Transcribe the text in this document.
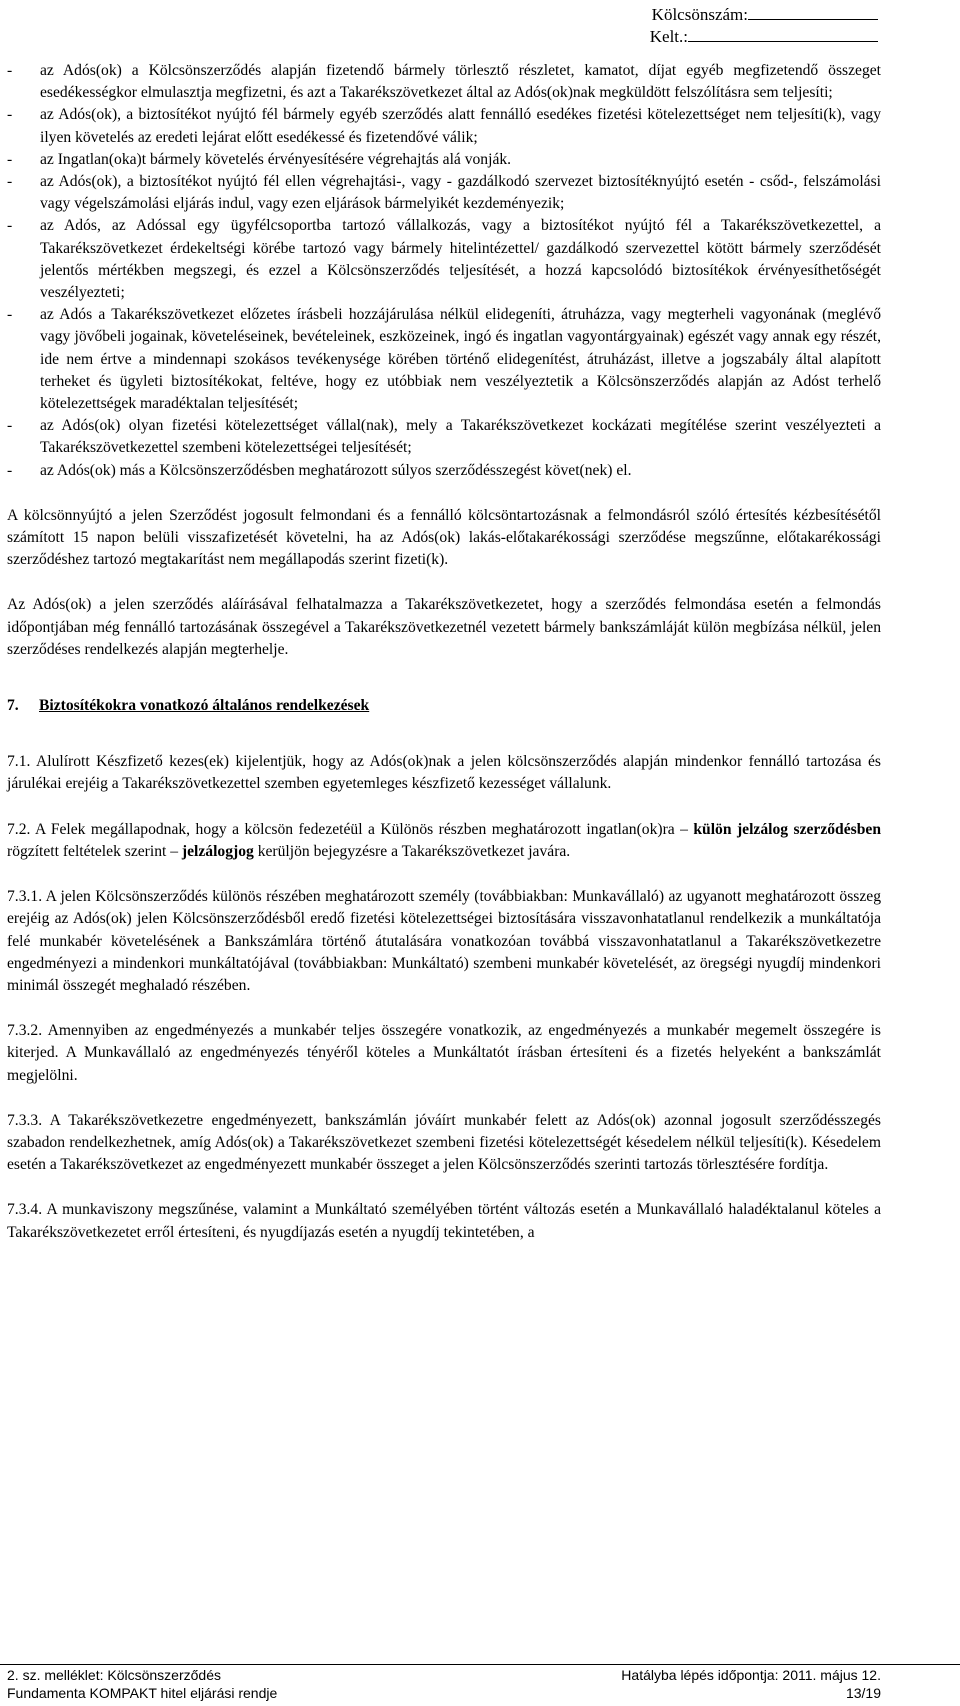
Kölcsönszám:
Kelt.:
- az Adós(ok) a Kölcsönszerződés alapján fizetendő bármely törlesztő részletet, kamatot, díjat egyéb megfizetendő összeget esedékességkor elmulasztja megfizetni, és azt a Takarékszövetkezet által az Adós(ok)nak megküldött felszólításra sem teljesíti;
- az Adós(ok), a biztosítékot nyújtó fél bármely egyéb szerződés alatt fennálló esedékes fizetési kötelezettséget nem teljesíti(k), vagy ilyen követelés az eredeti lejárat előtt esedékessé és fizetendővé válik;
- az Ingatlan(oka)t bármely követelés érvényesítésére végrehajtás alá vonják.
- az Adós(ok), a biztosítékot nyújtó fél ellen végrehajtási-, vagy - gazdálkodó szervezet biztosítéknyújtó esetén - csőd-, felszámolási vagy végelszámolási eljárás indul, vagy ezen eljárások bármelyikét kezdeményezik;
- az Adós, az Adóssal egy ügyfélcsoportba tartozó vállalkozás, vagy a biztosítékot nyújtó fél a Takarékszövetkezettel, a Takarékszövetkezet érdekeltségi körébe tartozó vagy bármely hitelintézettel/ gazdálkodó szervezettel kötött bármely szerződését jelentős mértékben megszegi, és ezzel a Kölcsönszerződés teljesítését, a hozzá kapcsolódó biztosítékok érvényesíthetőségét veszélyezteti;
- az Adós a Takarékszövetkezet előzetes írásbeli hozzájárulása nélkül elidegeníti, átruházza, vagy megterheli vagyonának (meglévő vagy jövőbeli jogainak, követeléseinek, bevételeinek, eszközeinek, ingó és ingatlan vagyontárgyainak) egészét vagy annak egy részét, ide nem értve a mindennapi szokásos tevékenysége körében történő elidegenítést, átruházást, illetve a jogszabály által alapított terheket és ügyleti biztosítékokat, feltéve, hogy ez utóbbiak nem veszélyeztetik a Kölcsönszerződés alapján az Adóst terhelő kötelezettségek maradéktalan teljesítését;
- az Adós(ok) olyan fizetési kötelezettséget vállal(nak), mely a Takarékszövetkezet kockázati megítélése szerint veszélyezteti a Takarékszövetkezettel szembeni kötelezettségei teljesítését;
- az Adós(ok) más a Kölcsönszerződésben meghatározott súlyos szerződésszegést követ(nek) el.

A kölcsönnyújtó a jelen Szerződést jogosult felmondani és a fennálló kölcsöntartozásnak a felmondásról szóló értesítés kézbesítésétől számított 15 napon belüli visszafizetését követelni, ha az Adós(ok) lakás-előtakarékossági szerződése megszűnne, előtakarékossági szerződéshez tartozó megtakarítást nem megállapodás szerint fizeti(k).

Az Adós(ok) a jelen szerződés aláírásával felhatalmazza a Takarékszövetkezetet, hogy a szerződés felmondása esetén a felmondás időpontjában még fennálló tartozásának összegével a Takarékszövetkezetnél vezetett bármely bankszámláját külön megbízása nélkül, jelen szerződéses rendelkezés alapján megterhelje.

7. Biztosítékokra vonatkozó általános rendelkezések

7.1. Alulírott Készfizető kezes(ek) kijelentjük, hogy az Adós(ok)nak a jelen kölcsönszerződés alapján mindenkor fennálló tartozása és járulékai erejéig a Takarékszövetkezettel szemben egyetemleges készfizető kezességet vállalunk.

7.2. A Felek megállapodnak, hogy a kölcsön fedezetéül a Különös részben meghatározott ingatlan(ok)ra – külön jelzálog szerződésben rögzített feltételek szerint – jelzálogjog kerüljön bejegyzésre a Takarékszövetkezet javára.

7.3.1. A jelen Kölcsönszerződés különös részében meghatározott személy (továbbiakban: Munkavállaló) az ugyanott meghatározott összeg erejéig az Adós(ok) jelen Kölcsönszerződésből eredő fizetési kötelezettségei biztosítására visszavonhatatlanul rendelkezik a munkáltatója felé munkabér követelésének a Bankszámlára történő átutalására vonatkozóan továbbá visszavonhatatlanul a Takarékszövetkezetre engedményezi a mindenkori munkáltatójával (továbbiakban: Munkáltató) szembeni munkabér követelését, az öregségi nyugdíj mindenkori minimál összegét meghaladó részében.

7.3.2. Amennyiben az engedményezés a munkabér teljes összegére vonatkozik, az engedményezés a munkabér megemelt összegére is kiterjed. A Munkavállaló az engedményezés tényéről köteles a Munkáltatót írásban értesíteni és a fizetés helyeként a bankszámlát megjelölni.

7.3.3. A Takarékszövetkezetre engedményezett, bankszámlán jóváírt munkabér felett az Adós(ok) azonnal jogosult szerződésszegés szabadon rendelkezhetnek, amíg Adós(ok) a Takarékszövetkezet szembeni fizetési kötelezettségét késedelem nélkül teljesíti(k). Késedelem esetén a Takarékszövetkezet az engedményezett munkabér összeget a jelen Kölcsönszerződés szerinti tartozás törlesztésére fordítja.

7.3.4. A munkaviszony megszűnése, valamint a Munkáltató személyében történt változás esetén a Munkavállaló haladéktalanul köteles a Takarékszövetkezetet erről értesíteni, és nyugdíjazás esetén a nyugdíj tekintetében, a

2. sz. melléklet: Kölcsönszerződés	Hatályba lépés időpontja: 2011. május 12.
Fundamenta KOMPAKT hitel eljárási rendje	13/19
